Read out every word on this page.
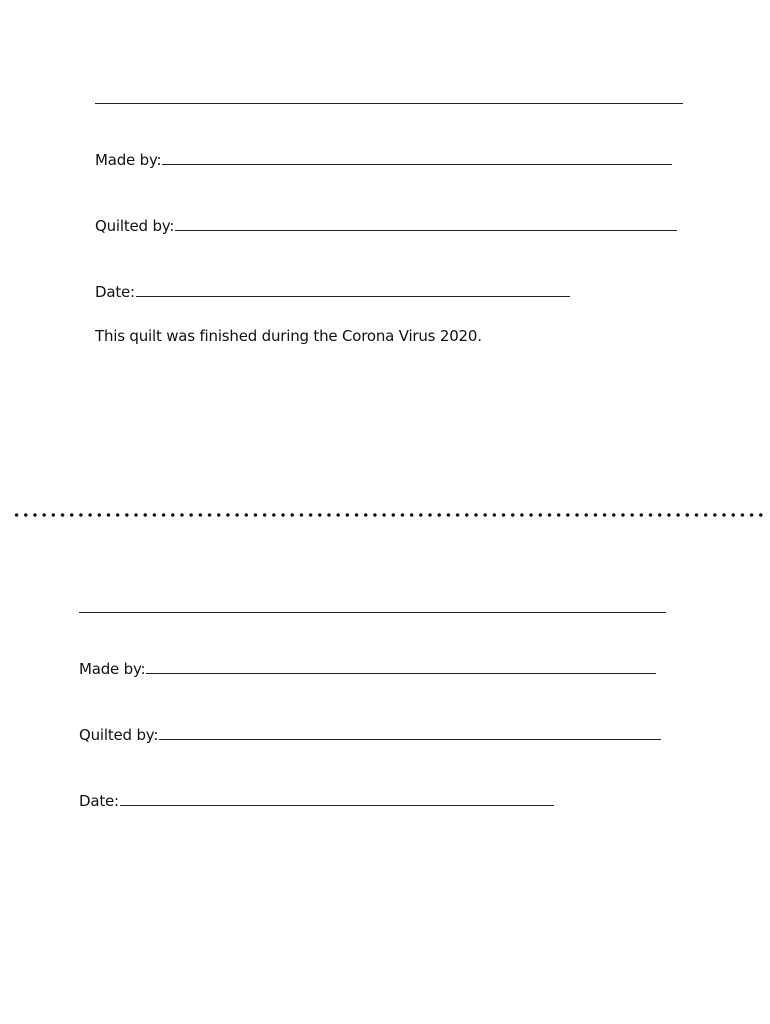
Made by:
Quilted by:
Date:
This quilt was finished during the Corona Virus 2020.
Made by:
Quilted by:
Date:
